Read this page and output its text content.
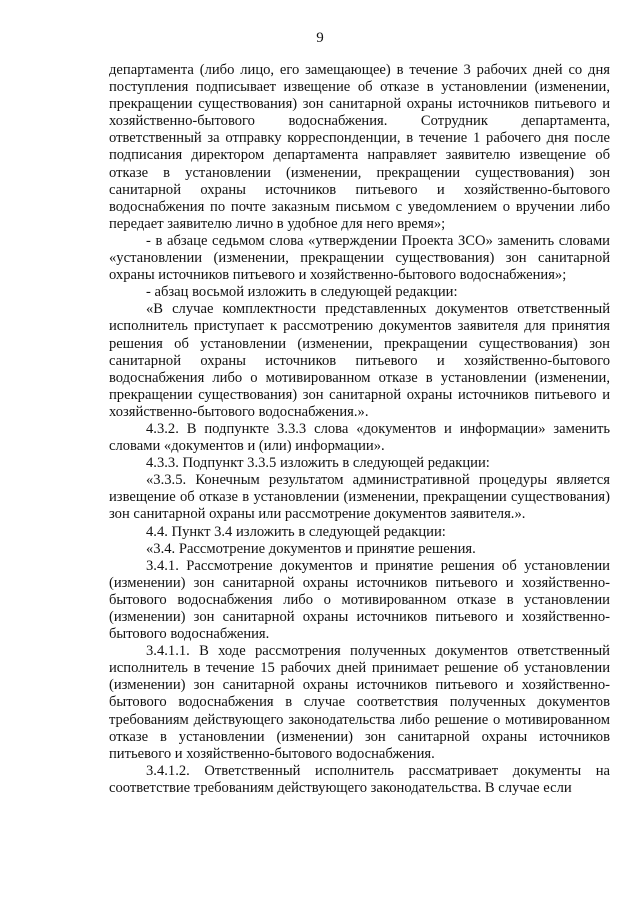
9

департамента (либо лицо, его замещающее) в течение 3 рабочих дней со дня поступления подписывает извещение об отказе в установлении (изменении, прекращении существования) зон санитарной охраны источников питьевого и хозяйственно-бытового водоснабжения. Сотрудник департамента, ответственный за отправку корреспонденции, в течение 1 рабочего дня после подписания директором департамента направляет заявителю извещение об отказе в установлении (изменении, прекращении существования) зон санитарной охраны источников питьевого и хозяйственно-бытового водоснабжения по почте заказным письмом с уведомлением о вручении либо передает заявителю лично в удобное для него время»;

- в абзаце седьмом слова «утверждении Проекта ЗСО» заменить словами «установлении (изменении, прекращении существования) зон санитарной охраны источников питьевого и хозяйственно-бытового водоснабжения»;

- абзац восьмой изложить в следующей редакции:

«В случае комплектности представленных документов ответственный исполнитель приступает к рассмотрению документов заявителя для принятия решения об установлении (изменении, прекращении существования) зон санитарной охраны источников питьевого и хозяйственно-бытового водоснабжения либо о мотивированном отказе в установлении (изменении, прекращении существования) зон санитарной охраны источников питьевого и хозяйственно-бытового водоснабжения.».

4.3.2. В подпункте 3.3.3 слова «документов и информации» заменить словами «документов и (или) информации».

4.3.3. Подпункт 3.3.5 изложить в следующей редакции:

«3.3.5. Конечным результатом административной процедуры является извещение об отказе в установлении (изменении, прекращении существования) зон санитарной охраны или рассмотрение документов заявителя.».

4.4. Пункт 3.4 изложить в следующей редакции:

«3.4. Рассмотрение документов и принятие решения.

3.4.1. Рассмотрение документов и принятие решения об установлении (изменении) зон санитарной охраны источников питьевого и хозяйственно-бытового водоснабжения либо о мотивированном отказе в установлении (изменении) зон санитарной охраны источников питьевого и хозяйственно-бытового водоснабжения.

3.4.1.1. В ходе рассмотрения полученных документов ответственный исполнитель в течение 15 рабочих дней принимает решение об установлении (изменении) зон санитарной охраны источников питьевого и хозяйственно-бытового водоснабжения в случае соответствия полученных документов требованиям действующего законодательства либо решение о мотивированном отказе в установлении (изменении) зон санитарной охраны источников питьевого и хозяйственно-бытового водоснабжения.

3.4.1.2. Ответственный исполнитель рассматривает документы на соответствие требованиям действующего законодательства. В случае если
